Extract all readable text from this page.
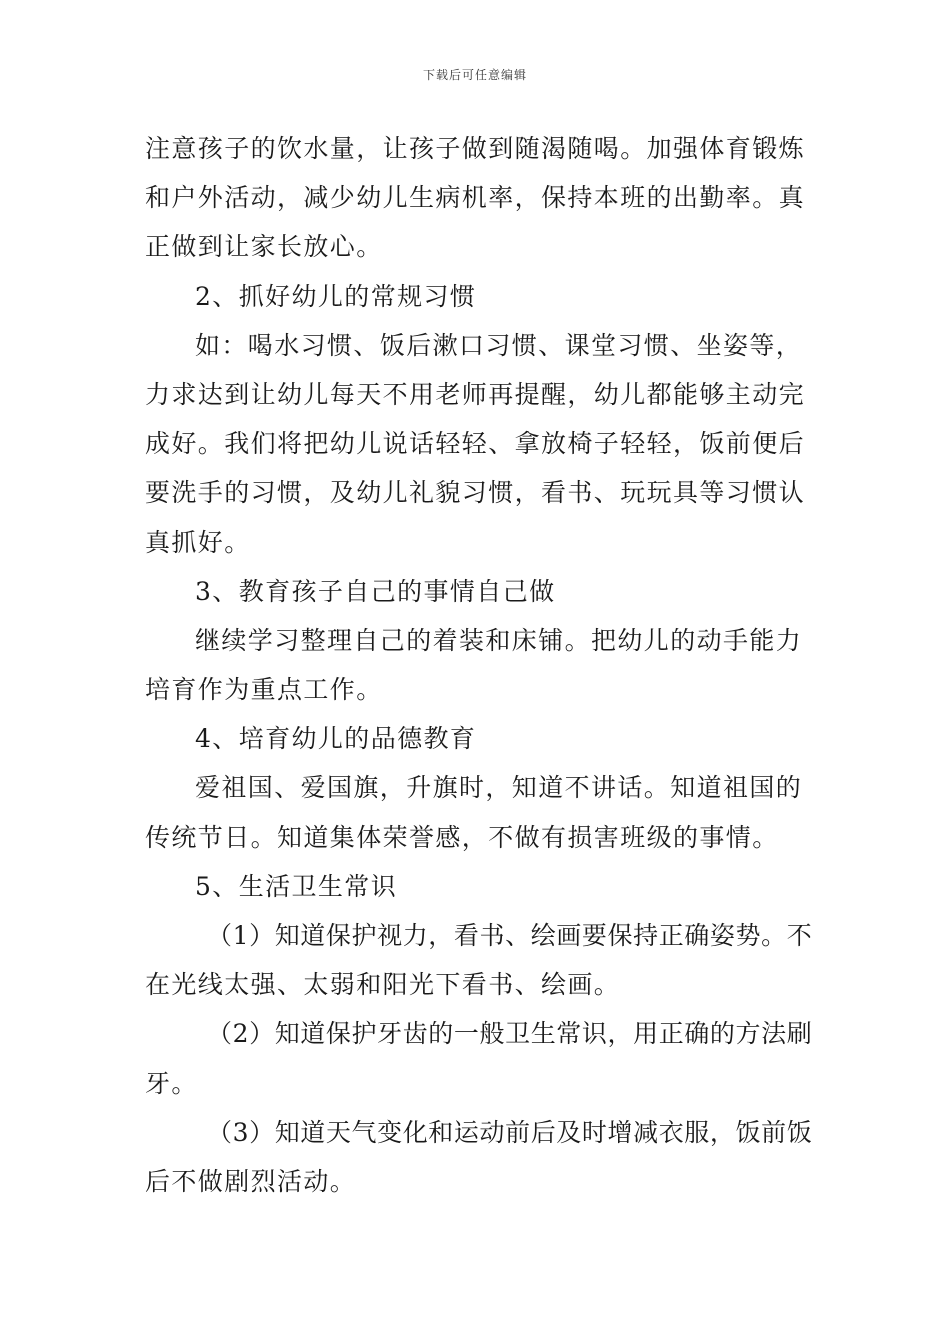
下载后可任意编辑
注意孩子的饮水量，让孩子做到随渴随喝。加强体育锻炼
和户外活动，减少幼儿生病机率，保持本班的出勤率。真
正做到让家长放心。
2、抓好幼儿的常规习惯
如：喝水习惯、饭后漱口习惯、课堂习惯、坐姿等，
力求达到让幼儿每天不用老师再提醒，幼儿都能够主动完
成好。我们将把幼儿说话轻轻、拿放椅子轻轻，饭前便后
要洗手的习惯，及幼儿礼貌习惯，看书、玩玩具等习惯认
真抓好。
3、教育孩子自己的事情自己做
继续学习整理自己的着装和床铺。把幼儿的动手能力
培育作为重点工作。
4、培育幼儿的品德教育
爱祖国、爱国旗，升旗时，知道不讲话。知道祖国的
传统节日。知道集体荣誉感，不做有损害班级的事情。
5、生活卫生常识
（1）知道保护视力，看书、绘画要保持正确姿势。不
在光线太强、太弱和阳光下看书、绘画。
（2）知道保护牙齿的一般卫生常识，用正确的方法刷
牙。
（3）知道天气变化和运动前后及时增减衣服，饭前饭
后不做剧烈活动。
